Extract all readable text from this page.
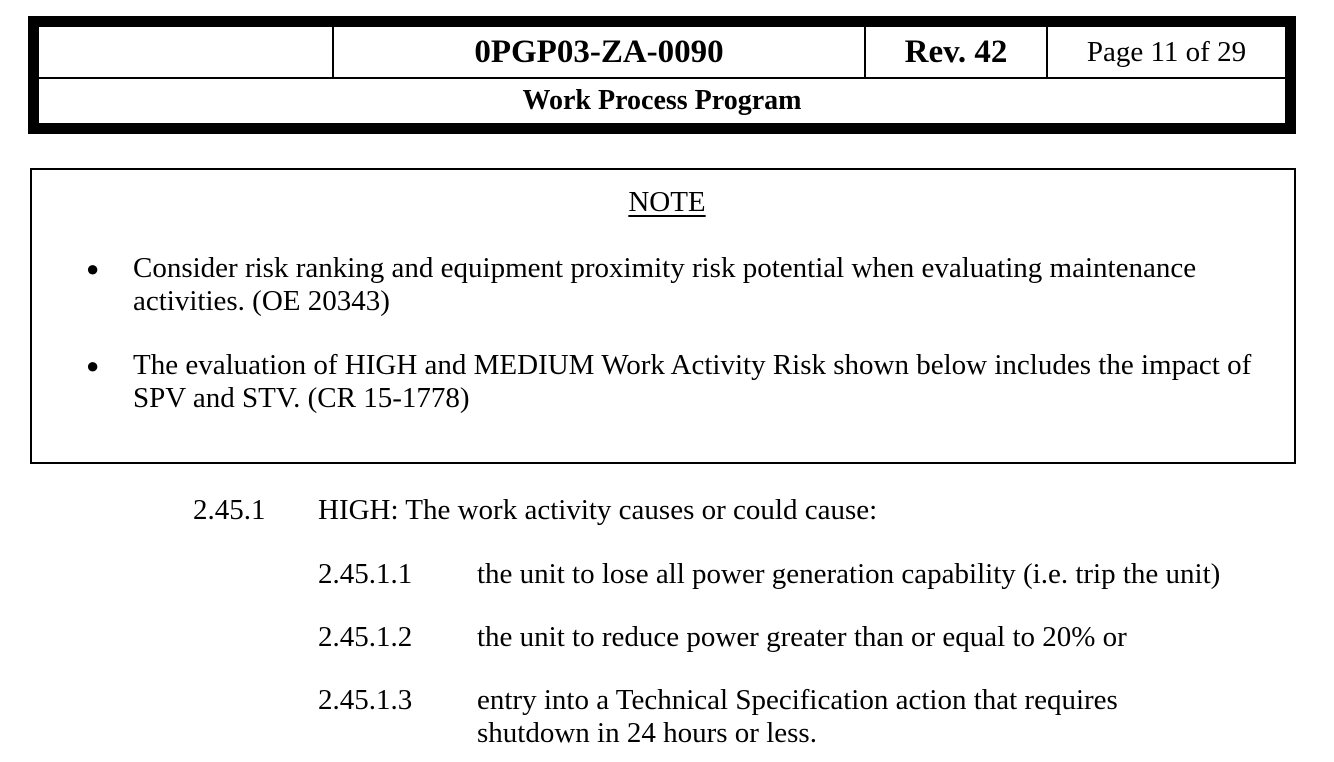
0PGP03-ZA-0090	Rev. 42	Page 11 of 29
Work Process Program
NOTE
● Consider risk ranking and equipment proximity risk potential when evaluating maintenance activities. (OE 20343)
● The evaluation of HIGH and MEDIUM Work Activity Risk shown below includes the impact of SPV and STV. (CR 15-1778)
2.45.1 HIGH: The work activity causes or could cause:
2.45.1.1 the unit to lose all power generation capability (i.e. trip the unit)
2.45.1.2 the unit to reduce power greater than or equal to 20% or
2.45.1.3 entry into a Technical Specification action that requires shutdown in 24 hours or less.
